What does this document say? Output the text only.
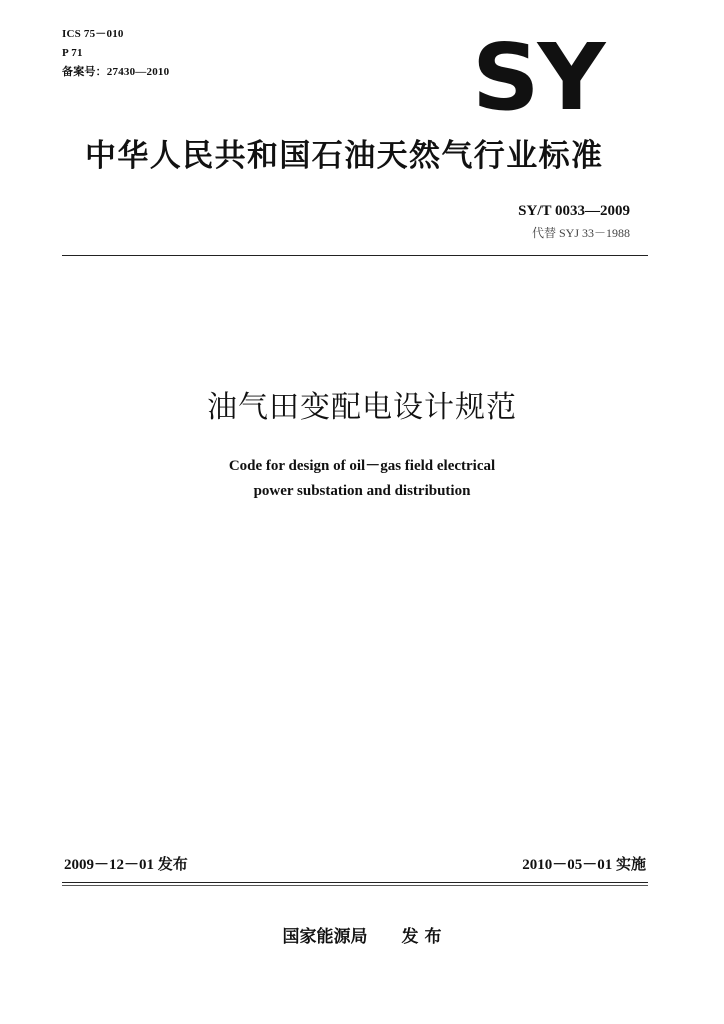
ICS 75－010
P 71
备案号：27430—2010	SY
中华人民共和国石油天然气行业标准
SY/T 0033—2009
代替 SYJ 33－1988
油气田变配电设计规范
Code for design of oil－gas field electrical
power substation and distribution
2009－12－01 发布	2010－05－01 实施
国家能源局 发 布
